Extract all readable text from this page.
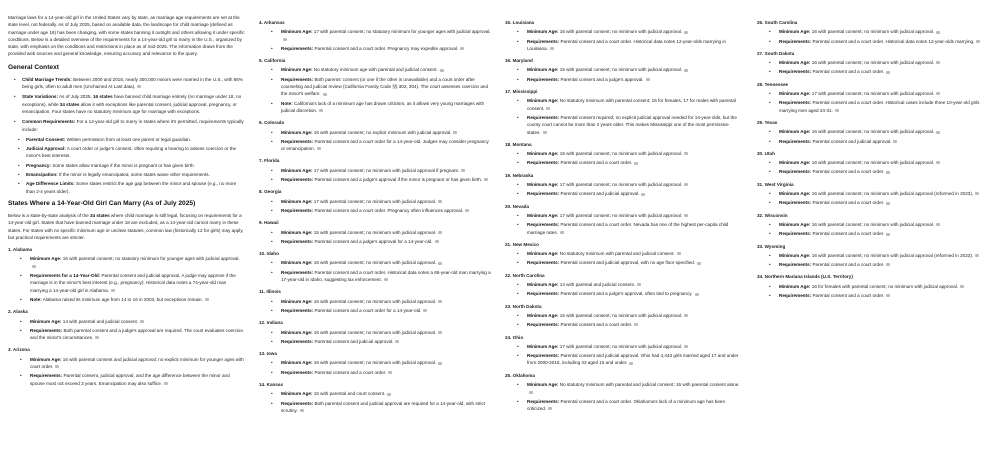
Marriage laws for a 14-year-old girl in the United States vary by state, as marriage age requirements are set at the state level, not federally. As of July 2025, based on available data, the landscape for child marriage (defined as marriage under age 18) has been changing, with some states banning it outright and others allowing it under specific conditions. Below is a detailed overview of the requirements for a 14-year-old girl to marry in the U.S., organized by state, with emphasis on the conditions and restrictions in place as of mid-2025. The information draws from the provided web sources and general knowledge, ensuring accuracy and relevance to the query.

General Context
• Child Marriage Trends: Between 2000 and 2018, nearly 300,000 minors were married in the U.S., with 86% being girls, often to adult men (Unchained At Last data).
• State Variations: As of July 2025, 16 states have banned child marriage entirely (no marriage under 18, no exceptions), while 34 states allow it with exceptions like parental consent, judicial approval, pregnancy, or emancipation. Four states have no statutory minimum age for marriage with exceptions.
• Common Requirements: For a 14-year-old girl to marry in states where it's permitted, requirements typically include:
• Parental Consent: Written permission from at least one parent or legal guardian.
• Judicial Approval: A court order or judge's consent, often requiring a hearing to assess coercion or the minor's best interests.
• Pregnancy: Some states allow marriage if the minor is pregnant or has given birth.
• Emancipation: If the minor is legally emancipated, some states waive other requirements.
• Age Difference Limits: Some states restrict the age gap between the minor and spouse (e.g., no more than 2-4 years older).
States Where a 14-Year-Old Girl Can Marry (As of July 2025)

Below is a state-by-state analysis of the 34 states where child marriage is still legal, focusing on requirements for a 14-year-old girl. States that have banned marriage under 18 are excluded, as a 14-year-old cannot marry in these states. For states with no specific minimum age or unclear statutes, common law (historically 12 for girls) may apply, but practical requirements are stricter.

1. Alabama
• Minimum Age: 16 with parental consent; no statutory minimum for younger ages with judicial approval.
• Requirements for a 14-Year-Old: Parental consent and judicial approval. A judge may approve if the marriage is in the minor's best interest (e.g., pregnancy). Historical data notes a 74-year-old man marrying a 14-year-old girl in Alabama.
• Note: Alabama raised its minimum age from 14 to 16 in 2003, but exceptions remain.
2. Alaska
• Minimum Age: 14 with parental and judicial consent.
• Requirements: Both parental consent and a judge's approval are required. The court evaluates coercion and the minor's circumstances.
3. Arizona
• Minimum Age: 16 with parental consent and judicial approval; no explicit minimum for younger ages with court order.
• Requirements: Parental consent, judicial approval, and the age difference between the minor and spouse must not exceed 3 years. Emancipation may also suffice.
4. Arkansas
• Minimum Age: 17 with parental consent; no statutory minimum for younger ages with judicial approval.
• Requirements: Parental consent and a court order. Pregnancy may expedite approval.
5. California
• Minimum Age: No statutory minimum age with parental and judicial consent.
• Requirements: Both parents' consent (or one if the other is unavailable) and a court order after counseling and judicial review (California Family Code §§ 302, 304). The court assesses coercion and the minor's welfare.
• Note: California's lack of a minimum age has drawn criticism, as it allows very young marriages with judicial discretion.
6. Colorado
• Minimum Age: 16 with parental consent; no explicit minimum with judicial approval.
• Requirements: Parental consent and a court order for a 14-year-old. Judges may consider pregnancy or emancipation.
7. Florida
• Minimum Age: 17 with parental consent; no minimum with judicial approval if pregnant.
• Requirements: Parental consent and a judge's approval if the minor is pregnant or has given birth.
8. Georgia
• Minimum Age: 17 with parental consent; no minimum with judicial approval.
• Requirements: Parental consent and a court order. Pregnancy often influences approval.
9. Hawaii
• Minimum Age: 15 with parental consent; no minimum with judicial approval.
• Requirements: Parental consent and a judge's approval for a 14-year-old.
10. Idaho
• Minimum Age: 16 with parental consent; no minimum with judicial approval.
• Requirements: Parental consent and a court order. Historical data notes a 65-year-old man marrying a 17-year-old in Idaho, suggesting lax enforcement.
11. Illinois
• Minimum Age: 16 with parental consent; no minimum with judicial approval.
• Requirements: Parental consent and a court order for a 14-year-old.
12. Indiana
• Minimum Age: 16 with parental consent; no minimum with judicial approval.
• Requirements: Parental consent and judicial approval.
13. Iowa
• Minimum Age: 16 with parental consent; no minimum with judicial approval.
• Requirements: Parental consent and a court order.
14. Kansas
• Minimum Age: 15 with parental and court consent.
• Requirements: Both parental consent and judicial approval are required for a 14-year-old, with strict scrutiny.
15. Louisiana
• Minimum Age: 16 with parental consent; no minimum with judicial approval.
• Requirements: Parental consent and a court order. Historical data notes 12-year-olds marrying in Louisiana.
16. Maryland
• Minimum Age: 15 with parental consent; no minimum with judicial approval.
• Requirements: Parental consent and a judge's approval.
17. Mississippi
• Minimum Age: No statutory minimum with parental consent; 15 for females, 17 for males with parental consent.
• Requirements: Parental consent required; no explicit judicial approval needed for 14-year-olds, but the county court cannot be more than 2 years older. This makes Mississippi one of the most permissive states.
18. Montana
• Minimum Age: 16 with parental consent; no minimum with judicial approval.
• Requirements: Parental consent and a court order.
19. Nebraska
• Minimum Age: 17 with parental consent; no minimum with judicial approval.
• Requirements: Parental consent and judicial approval.
20. Nevada
• Minimum Age: 17 with parental consent; no minimum with judicial approval.
• Requirements: Parental consent and a court order. Nevada has one of the highest per-capita child marriage rates.
21. New Mexico
• Minimum Age: No statutory minimum with parental and judicial consent.
• Requirements: Parental consent and judicial approval, with no age floor specified.
22. North Carolina
• Minimum Age: 14 with parental and judicial consent.
• Requirements: Parental consent and a judge's approval, often tied to pregnancy.
23. North Dakota
• Minimum Age: 16 with parental consent; no minimum with judicial approval.
• Requirements: Parental consent and a court order.
24. Ohio
• Minimum Age: 17 with parental consent; no minimum with judicial approval.
• Requirements: Parental consent and judicial approval. Ohio had 4,443 girls married aged 17 and under from 2000-2015, including 43 aged 15 and under.
25. Oklahoma
• Minimum Age: No statutory minimum with parental and judicial consent; 16 with parental consent alone.
• Requirements: Parental consent and a court order. Oklahoma's lack of a minimum age has been criticized.
26. South Carolina
• Minimum Age: 16 with parental consent; no minimum with judicial approval.
• Requirements: Parental consent and a court order. Historical data notes 12-year-olds marrying.
27. South Dakota
• Minimum Age: 16 with parental consent; no minimum with judicial approval.
• Requirements: Parental consent and a court order.
28. Tennessee
• Minimum Age: 17 with parental consent; no minimum with judicial approval.
• Requirements: Parental consent and a court order. Historical cases include three 10-year-old girls marrying men aged 24-31.
29. Texas
• Minimum Age: 16 with parental consent; no minimum with judicial approval.
• Requirements: Parental consent and judicial approval.
30. Utah
• Minimum Age: 16 with parental consent; no minimum with judicial approval.
• Requirements: Parental consent and a court order.
31. West Virginia
• Minimum Age: 16 with parental consent; no minimum with judicial approval (reformed in 2023).
• Requirements: Parental consent and a court order.
32. Wisconsin
• Minimum Age: 16 with parental consent; no minimum with judicial approval.
• Requirements: Parental consent and a court order.
33. Wyoming
• Minimum Age: 16 with parental consent; no minimum with judicial approval (reformed in 2023).
• Requirements: Parental consent and a court order.
34. Northern Mariana Islands (U.S. Territory)
• Minimum Age: 16 for females with parental consent; no minimum with judicial approval.
• Requirements: Parental consent and a court order.
